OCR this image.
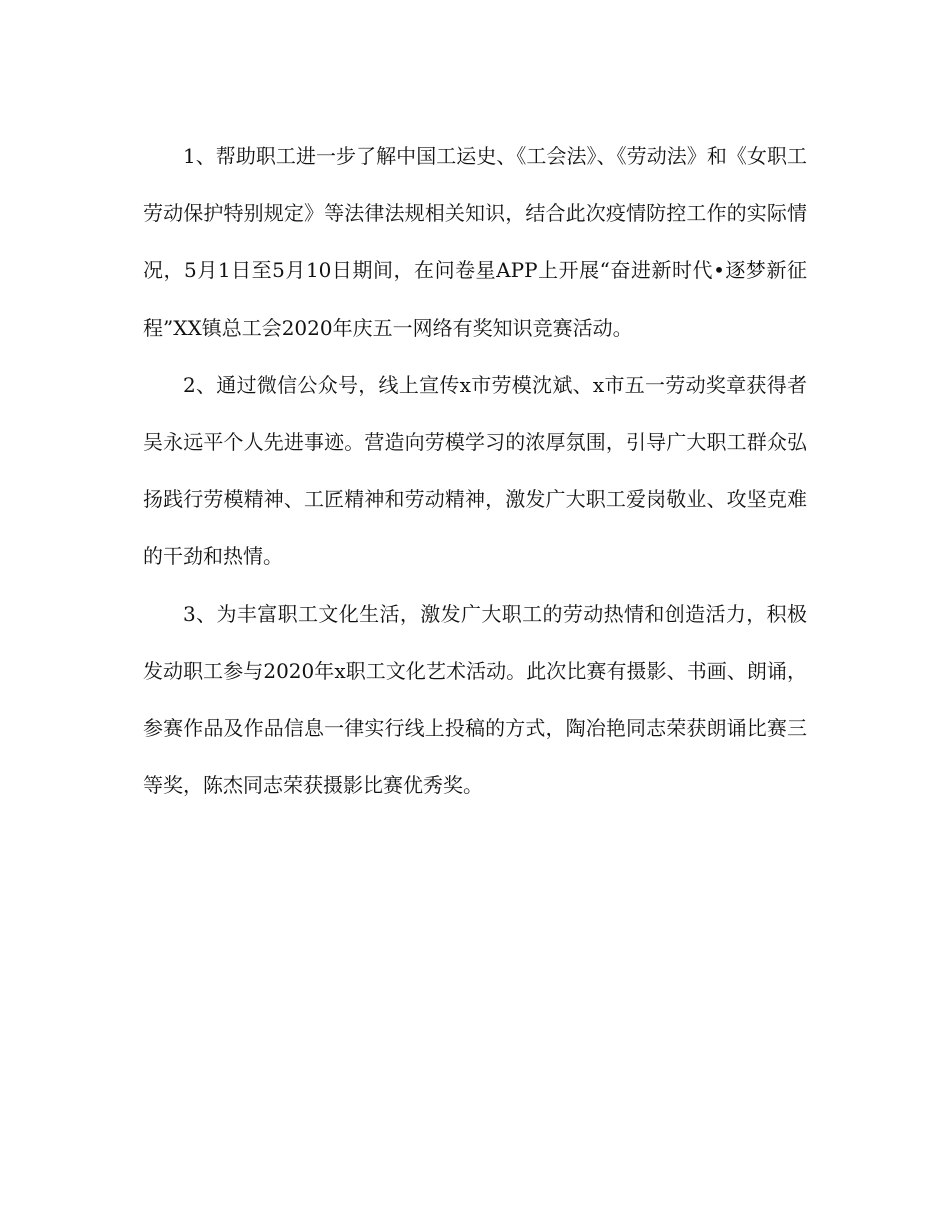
1、帮助职工进一步了解中国工运史、《工会法》、《劳动法》和《女职工劳动保护特别规定》等法律法规相关知识，结合此次疫情防控工作的实际情况，5月1日至5月10日期间，在问卷星APP上开展“奋进新时代•逐梦新征程”XX镇总工会2020年庆五一网络有奖知识竞赛活动。

2、通过微信公众号，线上宣传x市劳模沈斌、x市五一劳动奖章获得者吴永远平个人先进事迹。营造向劳模学习的浓厚氛围，引导广大职工群众弘扬践行劳模精神、工匠精神和劳动精神，激发广大职工爱岗敬业、攻坚克难的干劲和热情。

3、为丰富职工文化生活，激发广大职工的劳动热情和创造活力，积极发动职工参与2020年x职工文化艺术活动。此次比赛有摄影、书画、朗诵，参赛作品及作品信息一律实行线上投稿的方式，陶冶艳同志荣获朗诵比赛三等奖，陈杰同志荣获摄影比赛优秀奖。
